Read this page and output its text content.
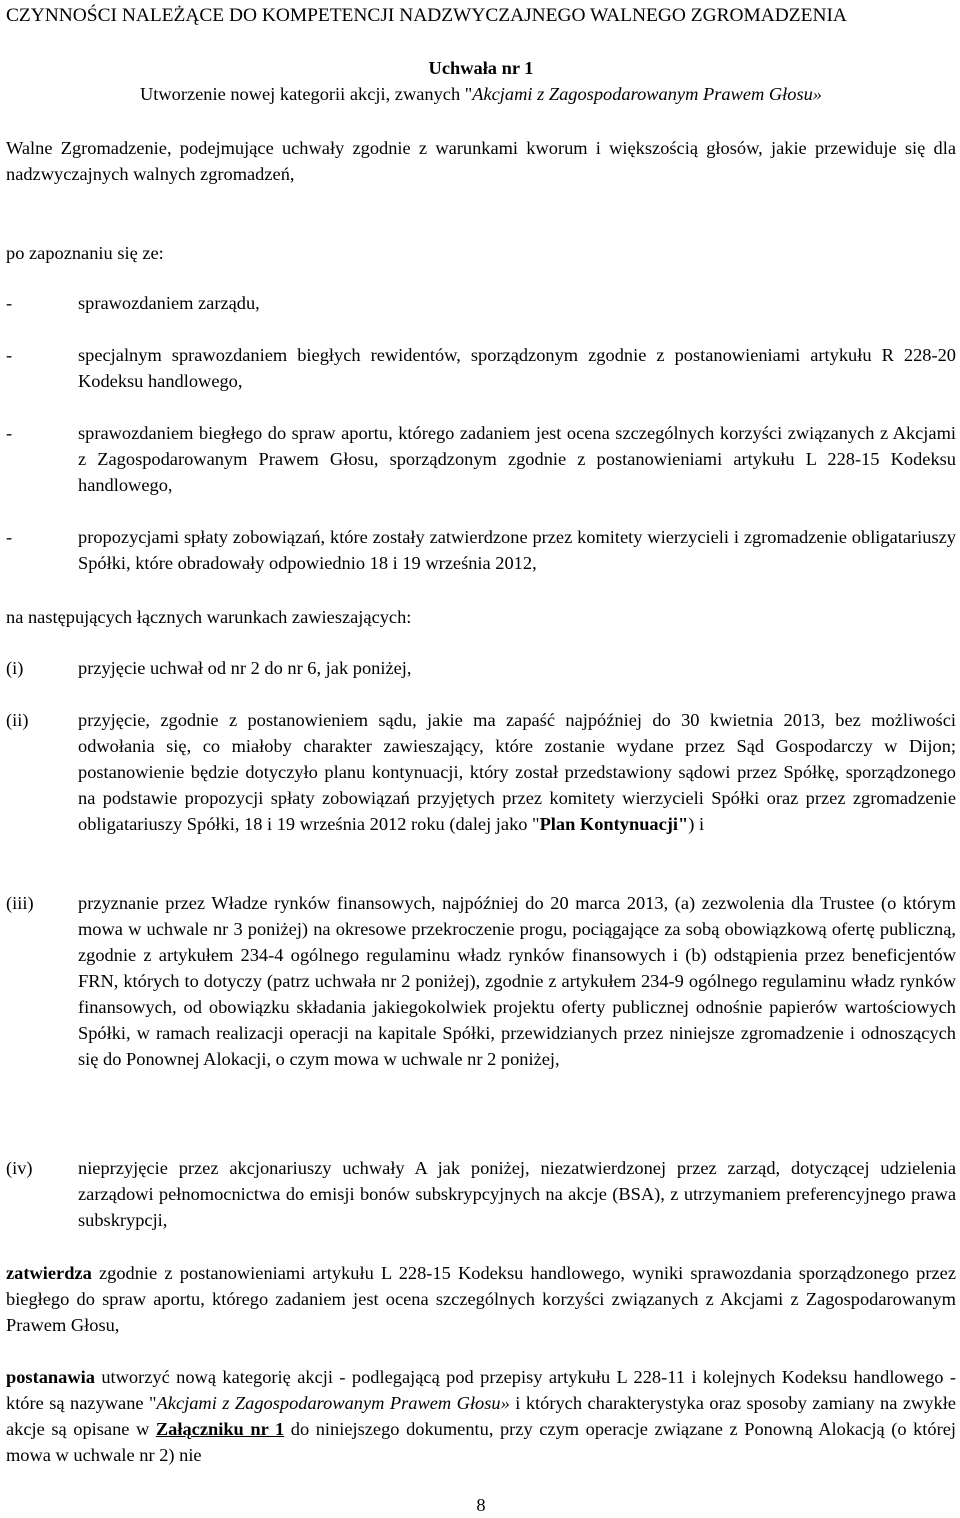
CZYNNOŚCI NALEŻĄCE DO KOMPETENCJI NADZWYCZAJNEGO WALNEGO ZGROMADZENIA

Uchwała nr 1

Utworzenie nowej kategorii akcji, zwanych "Akcjami z Zagospodarowanym Prawem Głosu»

Walne Zgromadzenie, podejmujące uchwały zgodnie z warunkami kworum i większością głosów, jakie przewiduje się dla nadzwyczajnych walnych zgromadzeń,

po zapoznaniu się ze:

-	sprawozdaniem zarządu,

-	specjalnym sprawozdaniem biegłych rewidentów, sporządzonym zgodnie z postanowieniami artykułu R 228-20 Kodeksu handlowego,

-	sprawozdaniem biegłego do spraw aportu, którego zadaniem jest ocena szczególnych korzyści związanych z Akcjami z Zagospodarowanym Prawem Głosu, sporządzonym zgodnie z postanowieniami artykułu L 228-15 Kodeksu handlowego,

-	propozycjami spłaty zobowiązań, które zostały zatwierdzone przez komitety wierzycieli i zgromadzenie obligatariuszy Spółki, które obradowały odpowiednio 18 i 19 września 2012,

na następujących łącznych warunkach zawieszających:

(i)	przyjęcie uchwał od nr 2 do nr 6, jak poniżej,

(ii)	przyjęcie, zgodnie z postanowieniem sądu, jakie ma zapaść najpóźniej do 30 kwietnia 2013, bez możliwości odwołania się, co miałoby charakter zawieszający, które zostanie wydane przez Sąd Gospodarczy w Dijon; postanowienie będzie dotyczyło planu kontynuacji, który został przedstawiony sądowi przez Spółkę, sporządzonego na podstawie propozycji spłaty zobowiązań przyjętych przez komitety wierzycieli Spółki oraz przez zgromadzenie obligatariuszy Spółki, 18 i 19 września 2012 roku (dalej jako "Plan Kontynuacji") i

(iii) przyznanie przez Władze rynków finansowych, najpóźniej do 20 marca 2013, (a) zezwolenia dla Trustee (o którym mowa w uchwale nr 3 poniżej) na okresowe przekroczenie progu, pociągające za sobą obowiązkową ofertę publiczną, zgodnie z artykułem 234-4 ogólnego regulaminu władz rynków finansowych i (b) odstąpienia przez beneficjentów FRN, których to dotyczy (patrz uchwała nr 2 poniżej), zgodnie z artykułem 234-9 ogólnego regulaminu władz rynków finansowych, od obowiązku składania jakiegokolwiek projektu oferty publicznej odnośnie papierów wartościowych Spółki, w ramach realizacji operacji na kapitale Spółki, przewidzianych przez niniejsze zgromadzenie i odnoszących się do Ponownej Alokacji, o czym mowa w uchwale nr 2 poniżej,

(iv) nieprzyjęcie przez akcjonariuszy uchwały A jak poniżej, niezatwierdzonej przez zarząd, dotyczącej udzielenia zarządowi pełnomocnictwa do emisji bonów subskrypcyjnych na akcje (BSA), z utrzymaniem preferencyjnego prawa subskrypcji,

zatwierdza zgodnie z postanowieniami artykułu L 228-15 Kodeksu handlowego, wyniki sprawozdania sporządzonego przez biegłego do spraw aportu, którego zadaniem jest ocena szczególnych korzyści związanych z Akcjami z Zagospodarowanym Prawem Głosu,

postanawia utworzyć nową kategorię akcji - podlegającą pod przepisy artykułu L 228-11 i kolejnych Kodeksu handlowego - które są nazywane "Akcjami z Zagospodarowanym Prawem Głosu» i których charakterystyka oraz sposoby zamiany na zwykłe akcje są opisane w Załączniku nr 1 do niniejszego dokumentu, przy czym operacje związane z Ponowną Alokacją (o której mowa w uchwale nr 2) nie

8
